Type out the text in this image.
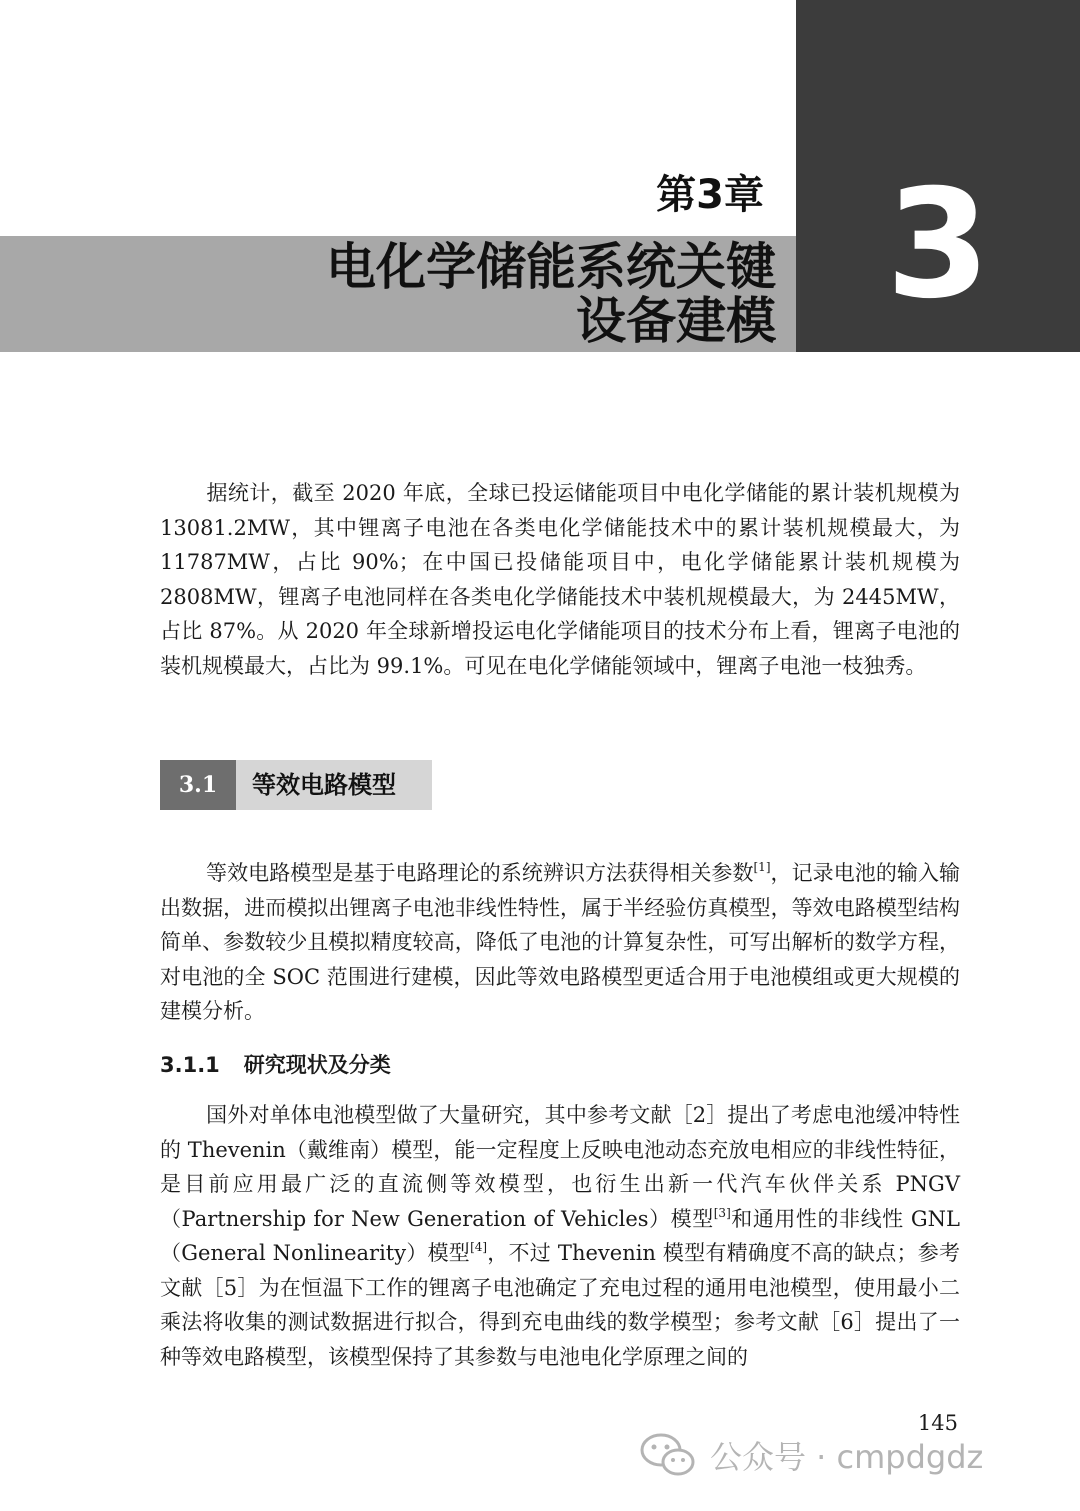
3
第3章
电化学储能系统关键
设备建模

据统计，截至 2020 年底，全球已投运储能项目中电化学储能的累计装机规模为 13081.2MW，其中锂离子电池在各类电化学储能技术中的累计装机规模最大，为 11787MW，占比 90%；在中国已投储能项目中，电化学储能累计装机规模为 2808MW，锂离子电池同样在各类电化学储能技术中装机规模最大，为 2445MW，占比 87%。从 2020 年全球新增投运电化学储能项目的技术分布上看，锂离子电池的装机规模最大，占比为 99.1%。可见在电化学储能领域中，锂离子电池一枝独秀。

3.1	等效电路模型

等效电路模型是基于电路理论的系统辨识方法获得相关参数[1]，记录电池的输入输出数据，进而模拟出锂离子电池非线性特性，属于半经验仿真模型，等效电路模型结构简单、参数较少且模拟精度较高，降低了电池的计算复杂性，可写出解析的数学方程，对电池的全 SOC 范围进行建模，因此等效电路模型更适合用于电池模组或更大规模的建模分析。

3.1.1 研究现状及分类

国外对单体电池模型做了大量研究，其中参考文献［2］提出了考虑电池缓冲特性的 Thevenin（戴维南）模型，能一定程度上反映电池动态充放电相应的非线性特征，是目前应用最广泛的直流侧等效模型，也衍生出新一代汽车伙伴关系 PNGV（Partnership for New Generation of Vehicles）模型[3]和通用性的非线性 GNL（General Nonlinearity）模型[4]，不过 Thevenin 模型有精确度不高的缺点；参考文献［5］为在恒温下工作的锂离子电池确定了充电过程的通用电池模型，使用最小二乘法将收集的测试数据进行拟合，得到充电曲线的数学模型；参考文献［6］提出了一种等效电路模型，该模型保持了其参数与电池电化学原理之间的

145
公众号 · cmpdgdz
